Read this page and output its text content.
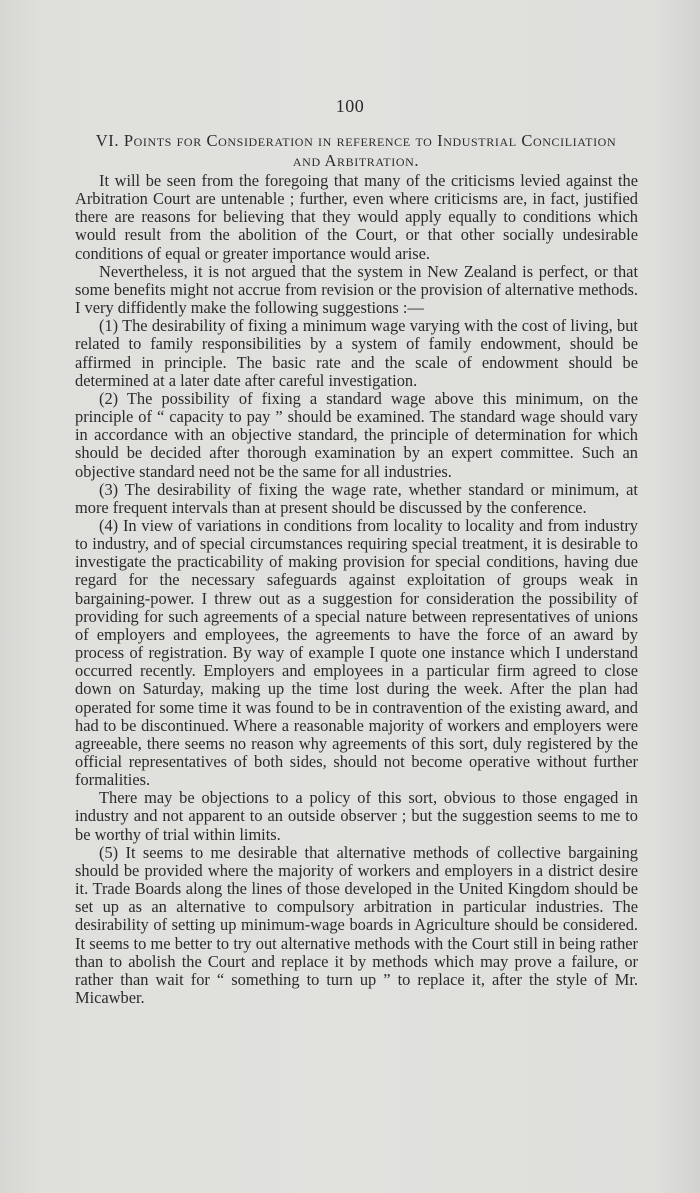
100
VI. Points for Consideration in reference to Industrial Conciliation
and Arbitration.

It will be seen from the foregoing that many of the criticisms levied against the Arbitration Court are untenable ; further, even where criticisms are, in fact, justified there are reasons for believing that they would apply equally to conditions which would result from the abolition of the Court, or that other socially undesirable conditions of equal or greater importance would arise.

Nevertheless, it is not argued that the system in New Zealand is perfect, or that some benefits might not accrue from revision or the provision of alternative methods. I very diffidently make the following suggestions :—

(1) The desirability of fixing a minimum wage varying with the cost of living, but related to family responsibilities by a system of family endowment, should be affirmed in principle. The basic rate and the scale of endowment should be determined at a later date after careful investigation.

(2) The possibility of fixing a standard wage above this minimum, on the principle of “ capacity to pay ” should be examined. The standard wage should vary in accordance with an objective standard, the principle of determination for which should be decided after thorough examination by an expert committee. Such an objective standard need not be the same for all industries.

(3) The desirability of fixing the wage rate, whether standard or minimum, at more frequent intervals than at present should be discussed by the conference.

(4) In view of variations in conditions from locality to locality and from industry to industry, and of special circumstances requiring special treatment, it is desirable to investigate the practicability of making provision for special conditions, having due regard for the necessary safeguards against exploitation of groups weak in bargaining-power. I threw out as a suggestion for consideration the possibility of providing for such agreements of a special nature between representatives of unions of employers and employees, the agreements to have the force of an award by process of registration. By way of example I quote one instance which I understand occurred recently. Employers and employees in a particular firm agreed to close down on Saturday, making up the time lost during the week. After the plan had operated for some time it was found to be in contravention of the existing award, and had to be discontinued. Where a reasonable majority of workers and employers were agreeable, there seems no reason why agreements of this sort, duly registered by the official representatives of both sides, should not become operative without further formalities.

There may be objections to a policy of this sort, obvious to those engaged in industry and not apparent to an outside observer ; but the suggestion seems to me to be worthy of trial within limits.

(5) It seems to me desirable that alternative methods of collective bargaining should be provided where the majority of workers and employers in a district desire it. Trade Boards along the lines of those developed in the United Kingdom should be set up as an alternative to compulsory arbitration in particular industries. The desirability of setting up minimum-wage boards in Agriculture should be considered. It seems to me better to try out alternative methods with the Court still in being rather than to abolish the Court and replace it by methods which may prove a failure, or rather than wait for “ something to turn up ” to replace it, after the style of Mr. Micawber.
